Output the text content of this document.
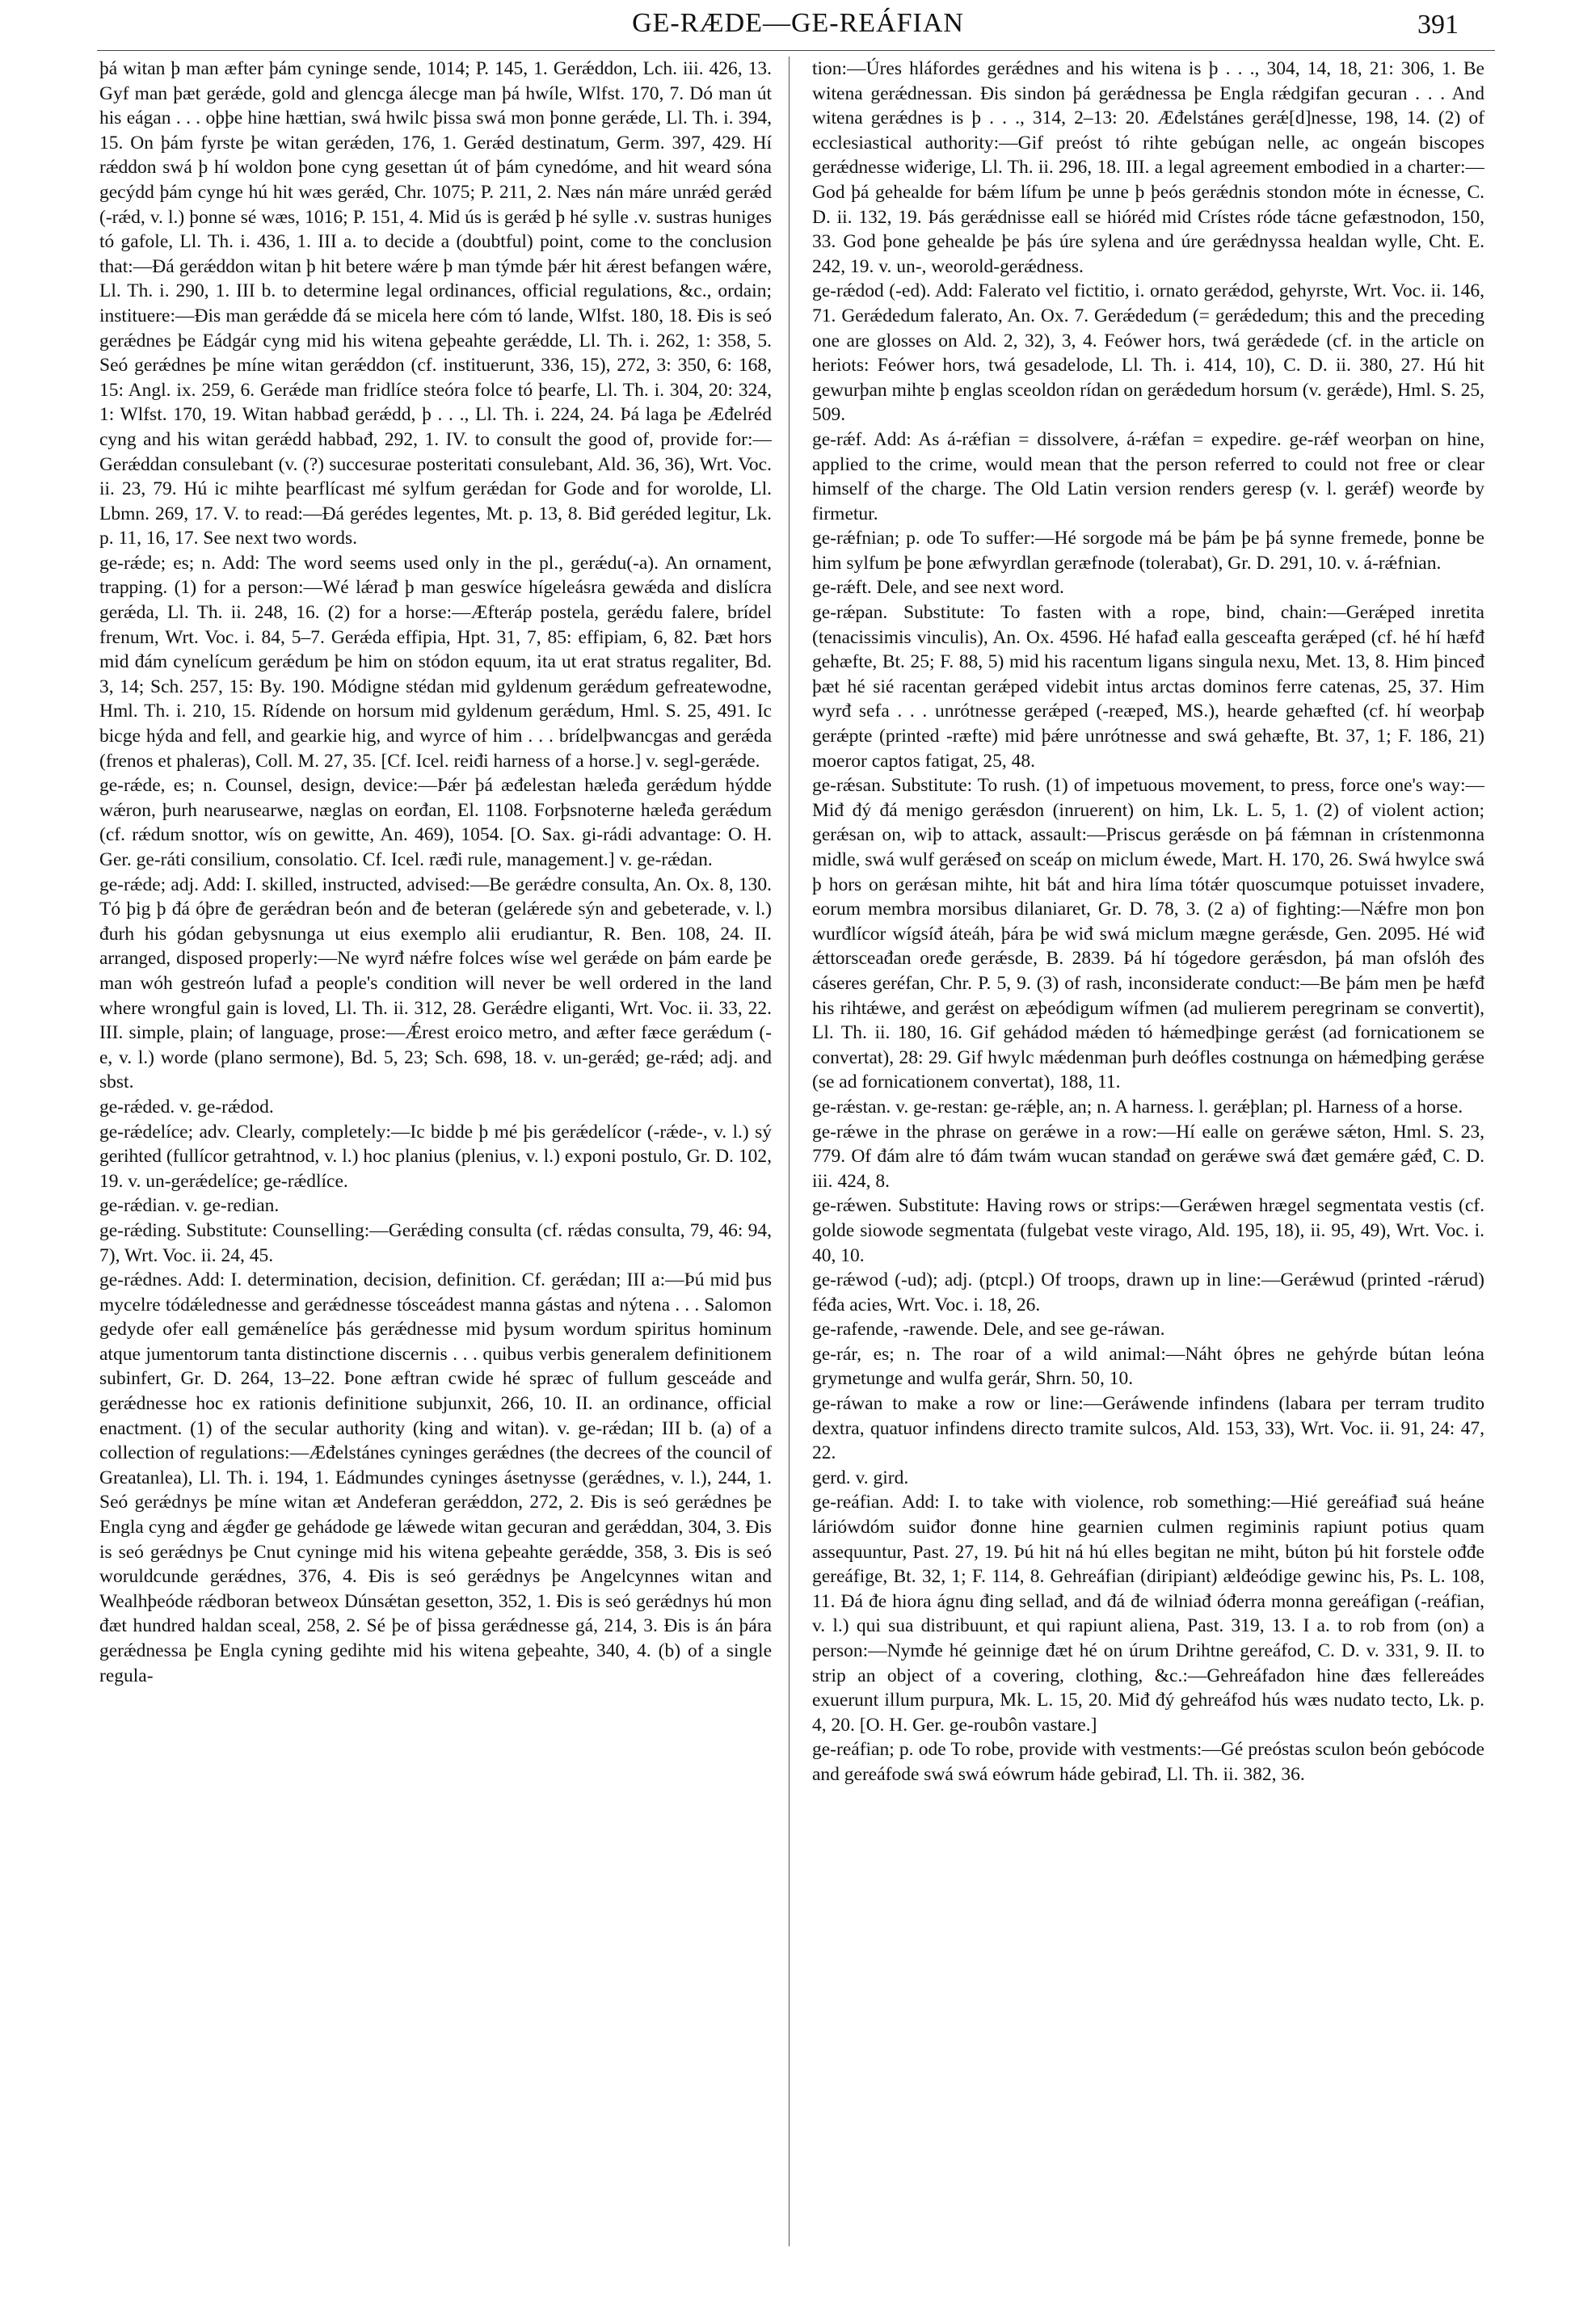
GE-RÆDE—GE-REÁFIAN	391

þá witan þ man æfter þám cyninge sende, 1014; P. 145, 1. Gerǽddon, Lch. iii. 426, 13. Gyf man þæt gerǽde, gold and glencga álecge man þá hwíle, Wlfst. 170, 7. Dó man út his eágan . . . oþþe hine hættian, swá hwilc þissa swá mon þonne gerǽde, Ll. Th. i. 394, 15. On þám fyrste þe witan gerǽden, 176, 1. Gerǽd destinatum, Germ. 397, 429. Hí rǽddon swá þ hí woldon þone cyng gesettan út of þám cynedóme, and hit weard sóna gecýdd þám cynge hú hit wæs gerǽd, Chr. 1075; P. 211, 2. Næs nán máre unrǽd gerǽd (-rǽd, v. l.) þonne sé wæs, 1016; P. 151, 4. Mid ús is gerǽd þ hé sylle .v. sustras huniges tó gafole, Ll. Th. i. 436, 1. III a. to decide a (doubtful) point, come to the conclusion that:—Đá gerǽddon witan þ hit betere wǽre þ man týmde þǽr hit ǽrest befangen wǽre, Ll. Th. i. 290, 1. III b. to determine legal ordinances, official regulations, &c., ordain; instituere:—Đis man gerǽdde đá se micela here cóm tó lande, Wlfst. 180, 18. Đis is seó gerǽdnes þe Eádgár cyng mid his witena geþeahte gerǽdde, Ll. Th. i. 262, 1: 358, 5. Seó gerǽdnes þe míne witan gerǽddon (cf. instituerunt, 336, 15), 272, 3: 350, 6: 168, 15: Angl. ix. 259, 6. Gerǽde man fridlíce steóra folce tó þearfe, Ll. Th. i. 304, 20: 324, 1: Wlfst. 170, 19. Witan habbađ gerǽdd, þ . . ., Ll. Th. i. 224, 24. Þá laga þe Æđelréd cyng and his witan gerǽdd habbađ, 292, 1. IV. to consult the good of, provide for:—Gerǽddan consulebant (v. (?) succesurae posteritati consulebant, Ald. 36, 36), Wrt. Voc. ii. 23, 79. Hú ic mihte þearflícast mé sylfum gerǽdan for Gode and for woroldе, Ll. Lbmn. 269, 17. V. to read:—Đá gerédes legentes, Mt. p. 13, 8. Biđ geréded legitur, Lk. p. 11, 16, 17. See next two words.

ge-rǽde; es; n. Add: The word seems used only in the pl., gerǽdu(-a). An ornament, trapping. (1) for a person:—Wé lǽrađ þ man geswíce hígeleásra gewǽda and dislícra gerǽda, Ll. Th. ii. 248, 16. (2) for a horse:—Æfteráp postela, gerǽdu falere, brídel frenum, Wrt. Voc. i. 84, 5–7. Gerǽda effipia, Hpt. 31, 7, 85: effipiam, 6, 82. Þæt hors mid đám cynelícum gerǽdum þe him on stódon equum, ita ut erat stratus regaliter, Bd. 3, 14; Sch. 257, 15: By. 190. Módigne stédan mid gyldenum gerǽdum gefreatewodne, Hml. Th. i. 210, 15. Rídende on horsum mid gyldenum gerǽdum, Hml. S. 25, 491. Ic bicge hýda and fell, and gearkie hig, and wyrce of him . . . brídelþwancgas and gerǽda (frenos et phaleras), Coll. M. 27, 35. [Cf. Icel. reiđi harness of a horse.] v. segl-gerǽde.

ge-rǽde, es; n. Counsel, design, device:—Þǽr þá æđelestan hæleđa gerǽdum hýdde wǽron, þurh nearusearwe, næglas on eorđan, El. 1108. Forþsnoterne hæleđa gerǽdum (cf. rǽdum snottor, wís on gewitte, An. 469), 1054. [O. Sax. gi-rádi advantage: O. H. Ger. ge-ráti consilium, consolatio. Cf. Icel. ræđi rule, management.] v. ge-rǽdan.

ge-rǽde; adj. Add: I. skilled, instructed, advised:—Be gerǽdre consulta, An. Ox. 8, 130. Tó þig þ đá óþre đe gerǽdran beón and đe beteran (gelǽrede sýn and gebeterade, v. l.) đurh his gódan gebysnunga ut eius exemplo alii erudiantur, R. Ben. 108, 24. II. arranged, disposed properly:—Ne wyrđ nǽfre folces wíse wel gerǽde on þám earde þe man wóh gestreón lufađ a people's condition will never be well ordered in the land where wrongful gain is loved, Ll. Th. ii. 312, 28. Gerǽdre eliganti, Wrt. Voc. ii. 33, 22. III. simple, plain; of language, prose:—Ǽrest eroico metro, and æfter fæce gerǽdum (-e, v. l.) worde (plano sermone), Bd. 5, 23; Sch. 698, 18. v. un-gerǽd; ge-rǽd; adj. and sbst.

ge-rǽded. v. ge-rǽdod.

ge-rǽdelíce; adv. Clearly, completely:—Ic bidde þ mé þis gerǽdelícor (-rǽde-, v. l.) sý gerihted (fullícor getrahtnod, v. l.) hoc planius (plenius, v. l.) exponi postulo, Gr. D. 102, 19. v. un-gerǽdelíce; ge-rǽdlíce.

ge-rǽdian. v. ge-redian.

ge-rǽding. Substitute: Counselling:—Gerǽding consulta (cf. rǽdas consulta, 79, 46: 94, 7), Wrt. Voc. ii. 24, 45.

ge-rǽdnes. Add: I. determination, decision, definition. Cf. gerǽdan; III a:—Þú mid þus mycelre tódǽlednesse and gerǽdnesse tósceádest manna gástas and nýtena . . . Salomon gedyde ofer eall gemǽnelíce þás gerǽdnesse mid þysum wordum spiritus hominum atque jumentorum tanta distinctione discernis . . . quibus verbis generalem definitionem subinfert, Gr. D. 264, 13–22. Þone æftran cwide hé spræc of fullum gesceáde and gerǽdnesse hoc ex rationis definitione subjunxit, 266, 10. II. an ordinance, official enactment. (1) of the secular authority (king and witan). v. ge-rǽdan; III b. (a) of a collection of regulations:—Æđelstánes cyninges gerǽdnes (the decrees of the council of Greatanlea), Ll. Th. i. 194, 1. Eádmundes cyninges ásetnysse (gerǽdnes, v. l.), 244, 1. Seó gerǽdnys þe míne witan æt Andeferan gerǽddon, 272, 2. Đis is seó gerǽdnes þe Engla cyng and ǽgđer ge gehádode ge lǽwede witan gecuran and gerǽddan, 304, 3. Đis is seó gerǽdnys þe Cnut cyninge mid his witena geþeahte gerǽdde, 358, 3. Đis is seó woruldcunde gerǽdnes, 376, 4. Đis is seó gerǽdnys þe Angelcynnes witan and Wealhþeóde rǽdboran betweox Dúnsǽtan gesetton, 352, 1. Đis is seó gerǽdnys hú mon đæt hundred haldan sceal, 258, 2. Sé þe of þissa gerǽdnesse gá, 214, 3. Đis is án þára gerǽdnessa þe Engla cyning gedihte mid his witena geþeahte, 340, 4. (b) of a single regula-

tion:—Úres hláfordes gerǽdnes and his witena is þ . . ., 304, 14, 18, 21: 306, 1. Be witena gerǽdnessan. Đis sindon þá gerǽdnessa þe Engla rǽdgifan gecuran . . . And witena gerǽdnes is þ . . ., 314, 2–13: 20. Æđelstánes gerǽ[d]nesse, 198, 14. (2) of ecclesiastical authority:—Gif preóst tó rihte gebúgan nelle, ac ongeán biscopes gerǽdnesse wiđerige, Ll. Th. ii. 296, 18. III. a legal agreement embodied in a charter:—God þá gehealde for bǽm lífum þe unne þ þeós gerǽdnis stondon móte in écnesse, C. D. ii. 132, 19. Þás gerǽdnisse eall se hióréd mid Crístes róde tácne gefæstnodon, 150, 33. God þone gehealde þe þás úre sylena and úre gerǽdnyssa healdan wylle, Cht. E. 242, 19. v. un-, weorold-gerǽdness.

ge-rǽdod (-ed). Add: Falerato vel fictitio, i. ornato gerǽdod, gehyrste, Wrt. Voc. ii. 146, 71. Gerǽdedum falerato, An. Ox. 7. Gerǽdedum (= gerǽdedum; this and the preceding one are glosses on Ald. 2, 32), 3, 4. Feówer hors, twá gerǽdede (cf. in the article on heriots: Feówer hors, twá gesadelode, Ll. Th. i. 414, 10), C. D. ii. 380, 27. Hú hit gewurþan mihte þ englas sceoldon rídan on gerǽdedum horsum (v. gerǽde), Hml. S. 25, 509.

ge-rǽf. Add: As á-rǽfian = dissolvere, á-rǽfan = expedire. ge-rǽf weorþan on hine, applied to the crime, would mean that the person referred to could not free or clear himself of the charge. The Old Latin version renders geresp (v. l. gerǽf) weorđe by firmetur.

ge-rǽfnian; p. ode To suffer:—Hé sorgode má be þám þe þá synne fremede, þonne be him sylfum þe þone æfwyrdlan geræfnode (tolerabat), Gr. D. 291, 10. v. á-rǽfnian.

ge-rǽft. Dele, and see next word.

ge-rǽpan. Substitute: To fasten with a rope, bind, chain:—Gerǽped inretita (tenacissimis vinculis), An. Ox. 4596. Hé hafađ ealla gesceafta gerǽped (cf. hé hí hæfđ gehæfte, Bt. 25; F. 88, 5) mid his racentum ligans singula nexu, Met. 13, 8. Him þinceđ þæt hé sié racentan gerǽped videbit intus arctas dominos ferre catenas, 25, 37. Him wyrđ sefa . . . unrótnesse gerǽped (-reæpeđ, MS.), hearde gehæfted (cf. hí weorþaþ gerǽpte (printed -ræfte) mid þǽre unrótnesse and swá gehæfte, Bt. 37, 1; F. 186, 21) moeror captos fatigat, 25, 48.

ge-rǽsan. Substitute: To rush. (1) of impetuous movement, to press, force one's way:—Miđ đý đá menigo gerǽsdon (inruerent) on him, Lk. L. 5, 1. (2) of violent action; gerǽsan on, wiþ to attack, assault:—Priscus gerǽsde on þá fǽmnan in crístenmonna midle, swá wulf gerǽseđ on sceáp on miclum éwede, Mart. H. 170, 26. Swá hwylce swá þ hors on gerǽsan mihte, hit bát and hira líma tótǽr quoscumque potuisset invadere, eorum membra morsibus dilaniaret, Gr. D. 78, 3. (2 a) of fighting:—Nǽfre mon þon wurđlícor wígsíđ áteáh, þára þe wiđ swá miclum mægne gerǽsde, Gen. 2095. Hé wiđ ǽttorsceađan oređe gerǽsde, B. 2839. Þá hí tógedore gerǽsdon, þá man ofslóh đes cáseres geréfan, Chr. P. 5, 9. (3) of rash, inconsiderate conduct:—Be þám men þe hæfđ his rihtǽwe, and gerǽst on æþeódigum wífmen (ad mulierem peregrinam se convertit), Ll. Th. ii. 180, 16. Gif gehádod mǽden tó hǽmedþinge gerǽst (ad fornicationem se convertat), 28: 29. Gif hwylc mǽdenman þurh deófles costnunga on hǽmedþing gerǽse (se ad fornicationem convertat), 188, 11.

ge-rǽstan. v. ge-restan: ge-rǽþle, an; n. A harness. l. gerǽþlan; pl. Harness of a horse.

ge-rǽwe in the phrase on gerǽwe in a row:—Hí ealle on gerǽwe sǽton, Hml. S. 23, 779. Of đám alre tó đám twám wucan standađ on gerǽwe swá đæt gemǽre gǽđ, C. D. iii. 424, 8.

ge-rǽwen. Substitute: Having rows or strips:—Gerǽwen hrægel segmentata vestis (cf. golde siowode segmentata (fulgebat veste virago, Ald. 195, 18), ii. 95, 49), Wrt. Voc. i. 40, 10.

ge-rǽwod (-ud); adj. (ptcpl.) Of troops, drawn up in line:—Gerǽwud (printed -rǽrud) féđa acies, Wrt. Voc. i. 18, 26.

ge-rafende, -rawende. Dele, and see ge-ráwan.

ge-rár, es; n. The roar of a wild animal:—Náht óþres ne gehýrde bútan leóna grymetunge and wulfa gerár, Shrn. 50, 10.

ge-ráwan to make a row or line:—Geráwende infindens (labara per terram trudito dextra, quatuor infindens directo tramite sulcos, Ald. 153, 33), Wrt. Voc. ii. 91, 24: 47, 22.

gerd. v. gird.

ge-reáfian. Add: I. to take with violence, rob something:—Hié gereáfiađ suá heáne láriówdóm suiđor đonne hine gearnien culmen regiminis rapiunt potius quam assequuntur, Past. 27, 19. Þú hit ná hú elles begitan ne miht, búton þú hit forstele ođđe gereáfige, Bt. 32, 1; F. 114, 8. Gehreáfian (diripiant) ælđeódige gewinc his, Ps. L. 108, 11. Đá đe hiora ágnu đing sellađ, and đá đe wilniađ óđerra monna gereáfigan (-reáfian, v. l.) qui sua distribuunt, et qui rapiunt aliena, Past. 319, 13. I a. to rob from (on) a person:—Nymđe hé geinnige đæt hé on úrum Drihtne gereáfod, C. D. v. 331, 9. II. to strip an object of a covering, clothing, &c.:—Gehreáfadon hine đæs fellereádes exuerunt illum purpura, Mk. L. 15, 20. Miđ đý gehreáfod hús wæs nudato tecto, Lk. p. 4, 20. [O. H. Ger. ge-roubôn vastare.]

ge-reáfian; p. ode To robe, provide with vestments:—Gé preóstas sculon beón gebócode and gereáfode swá swá eówrum háde gebirađ, Ll. Th. ii. 382, 36.
